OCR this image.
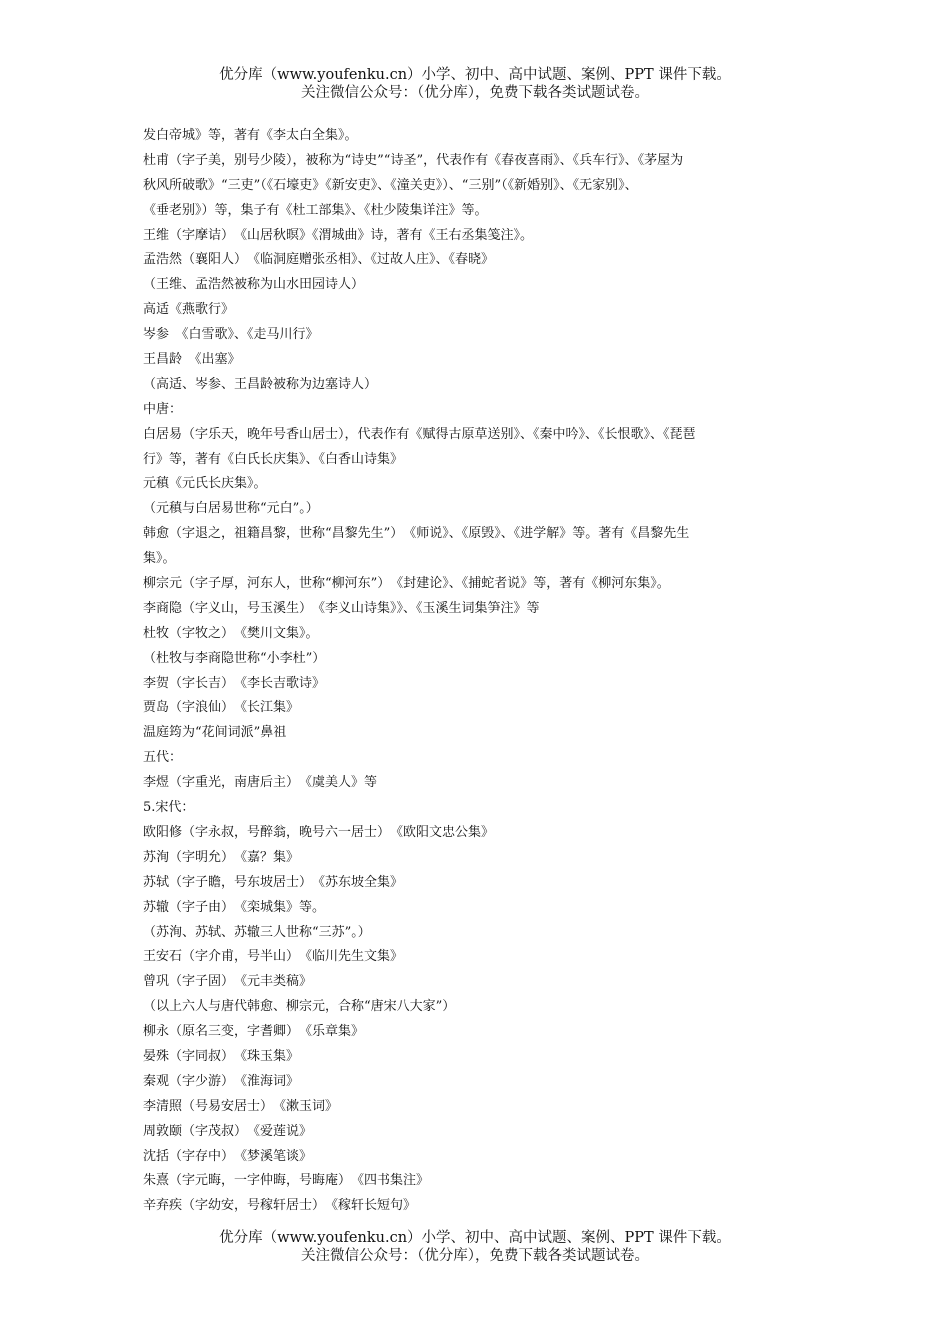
优分库（www.youfenku.cn）小学、初中、高中试题、案例、PPT 课件下载。
关注微信公众号：（优分库），免费下载各类试题试卷。
发白帝城》等，著有《李太白全集》。
杜甫（字子美，别号少陵），被称为“诗史”“诗圣”，代表作有《春夜喜雨》、《兵车行》、《茅屋为
秋风所破歌》“三吏”（《石壕吏》《新安吏》、《潼关吏》）、“三别”（《新婚别》、《无家别》、
《垂老别》）等，集子有《杜工部集》、《杜少陵集详注》等。
王维（字摩诘）　《山居秋暝》《渭城曲》诗，著有《王右丞集笺注》。
孟浩然（襄阳人）　《临洞庭赠张丞相》、《过故人庄》、《春晓》
（王维、孟浩然被称为山水田园诗人）
高适《燕歌行》
岑参　《白雪歌》、《走马川行》
王昌龄　《出塞》
（高适、岑参、王昌龄被称为边塞诗人）
中唐：
白居易（字乐天，晚年号香山居士），代表作有《赋得古原草送别》、《秦中吟》、《长恨歌》、《琵琶
行》等，著有《白氏长庆集》、《白香山诗集》
元稹《元氏长庆集》。
（元稹与白居易世称“元白”。）
韩愈（字退之，祖籍昌黎，世称“昌黎先生”）　《师说》、《原毁》、《进学解》等。著有《昌黎先生
集》。
柳宗元（字子厚，河东人，世称“柳河东”）　《封建论》、《捕蛇者说》等，著有《柳河东集》。
李商隐（字义山，号玉溪生）　《李义山诗集》》、《玉溪生词集笋注》等
杜牧（字牧之）　《樊川文集》。
（杜牧与李商隐世称“小李杜”）
李贺（字长吉）　《李长吉歌诗》
贾岛（字浪仙）　《长江集》
温庭筠为“花间词派”鼻祖
五代：
李煜（字重光，南唐后主）　《虞美人》等
5.宋代：
欧阳修（字永叔，号醉翁，晚号六一居士）　《欧阳文忠公集》
苏洵（字明允）　《嘉？集》
苏轼（字子瞻，号东坡居士）　《苏东坡全集》
苏辙（字子由）　《栾城集》等。
（苏洵、苏轼、苏辙三人世称“三苏”。）
王安石（字介甫，号半山）　《临川先生文集》
曾巩（字子固）　《元丰类稿》
（以上六人与唐代韩愈、柳宗元，合称“唐宋八大家”）
柳永（原名三变，字耆卿）　《乐章集》
晏殊（字同叔）　《珠玉集》
秦观（字少游）　《淮海词》
李清照（号易安居士）　《漱玉词》
周敦颐（字茂叔）　《爱莲说》
沈括（字存中）　《梦溪笔谈》
朱熹（字元晦，一字仲晦，号晦庵）　《四书集注》
辛弃疾（字幼安，号稼轩居士）　《稼轩长短句》
优分库（www.youfenku.cn）小学、初中、高中试题、案例、PPT 课件下载。
关注微信公众号：（优分库），免费下载各类试题试卷。
